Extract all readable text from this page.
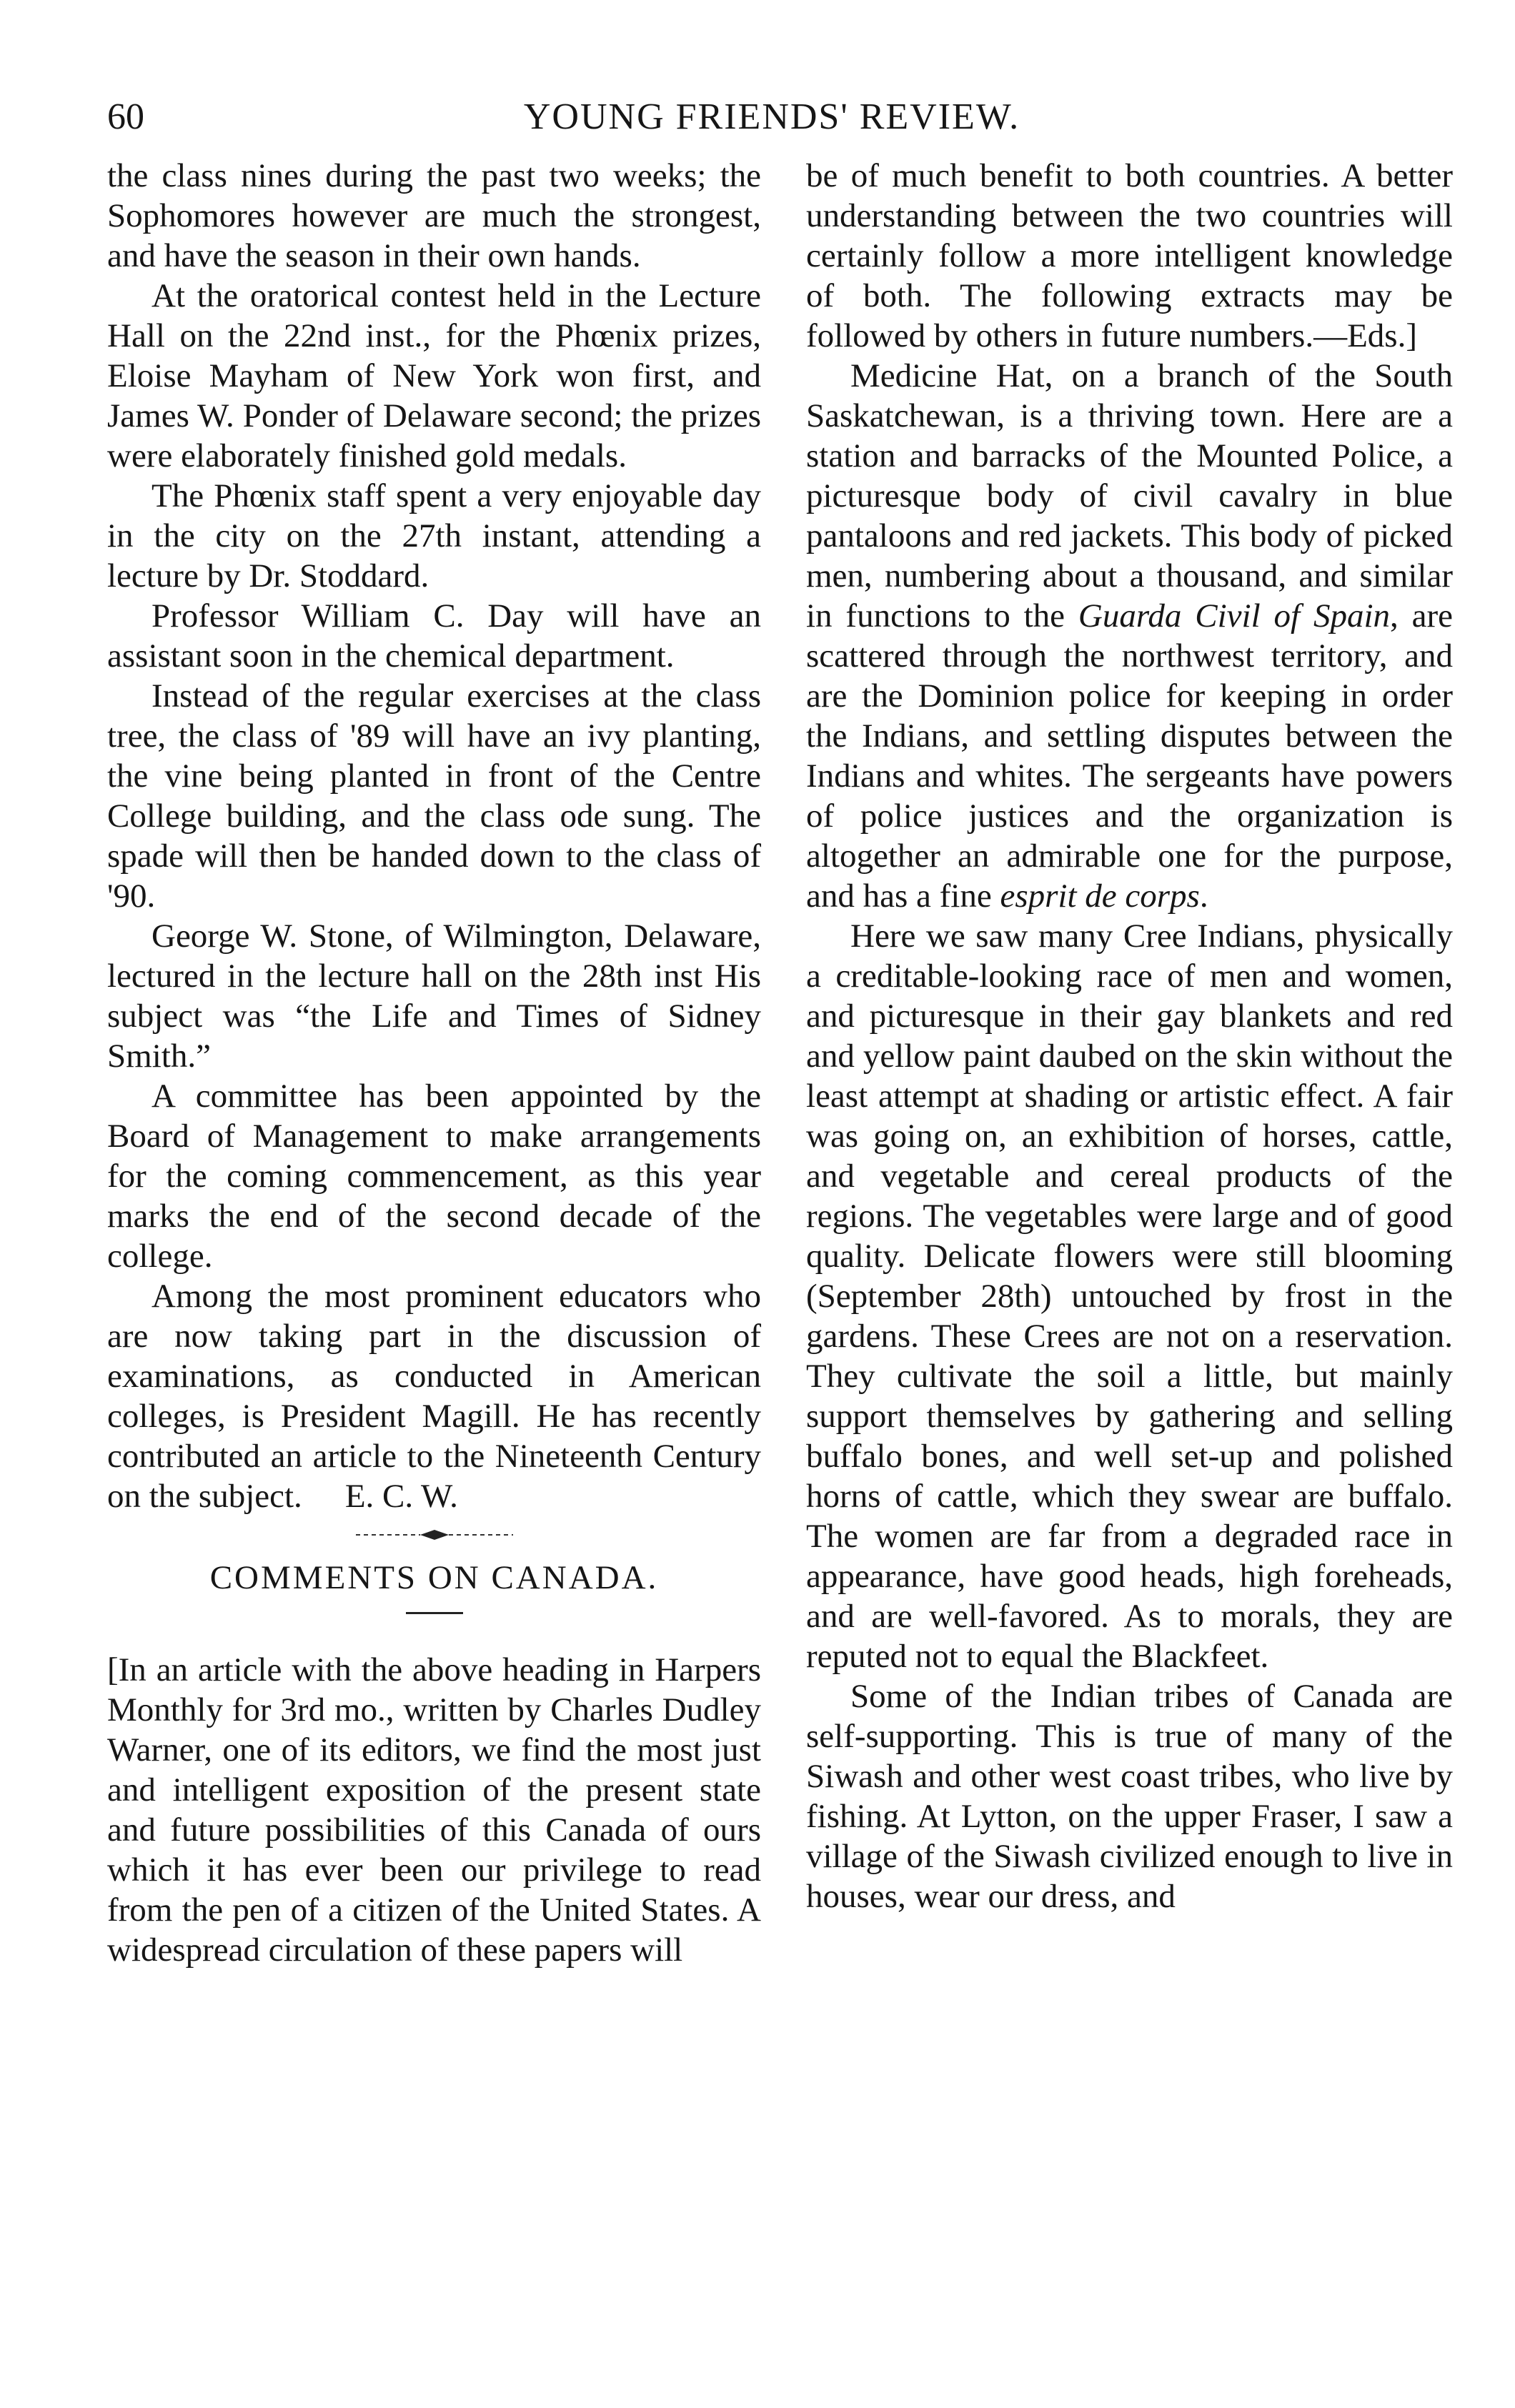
60	YOUNG FRIENDS' REVIEW.

the class nines during the past two weeks; the Sophomores however are much the strongest, and have the season in their own hands.

At the oratorical contest held in the Lecture Hall on the 22nd inst., for the Phœnix prizes, Eloise Mayham of New York won first, and James W. Ponder of Delaware second; the prizes were elaborately finished gold medals.

The Phœnix staff spent a very enjoyable day in the city on the 27th instant, attending a lecture by Dr. Stoddard.

Professor William C. Day will have an assistant soon in the chemical department.

Instead of the regular exercises at the class tree, the class of '89 will have an ivy planting, the vine being planted in front of the Centre College building, and the class ode sung. The spade will then be handed down to the class of '90.

George W. Stone, of Wilmington, Delaware, lectured in the lecture hall on the 28th inst His subject was “the Life and Times of Sidney Smith.”

A committee has been appointed by the Board of Management to make arrangements for the coming commencement, as this year marks the end of the second decade of the college.

Among the most prominent educators who are now taking part in the discussion of examinations, as conducted in American colleges, is President Magill. He has recently contributed an article to the Nineteenth Century on the subject. E. C. W.

COMMENTS ON CANADA.

[In an article with the above heading in Harpers Monthly for 3rd mo., written by Charles Dudley Warner, one of its editors, we find the most just and intelligent exposition of the present state and future possibilities of this Canada of ours which it has ever been our privilege to read from the pen of a citizen of the United States. A widespread circulation of these papers will

be of much benefit to both countries. A better understanding between the two countries will certainly follow a more intelligent knowledge of both. The following extracts may be followed by others in future numbers.—Eds.]

Medicine Hat, on a branch of the South Saskatchewan, is a thriving town. Here are a station and barracks of the Mounted Police, a picturesque body of civil cavalry in blue pantaloons and red jackets. This body of picked men, numbering about a thousand, and similar in functions to the Guarda Civil of Spain, are scattered through the northwest territory, and are the Dominion police for keeping in order the Indians, and settling disputes between the Indians and whites. The sergeants have powers of police justices and the organization is altogether an admirable one for the purpose, and has a fine esprit de corps.

Here we saw many Cree Indians, physically a creditable-looking race of men and women, and picturesque in their gay blankets and red and yellow paint daubed on the skin without the least attempt at shading or artistic effect. A fair was going on, an exhibition of horses, cattle, and vegetable and cereal products of the regions. The vegetables were large and of good quality. Delicate flowers were still blooming (September 28th) untouched by frost in the gardens. These Crees are not on a reservation. They cultivate the soil a little, but mainly support themselves by gathering and selling buffalo bones, and well set-up and polished horns of cattle, which they swear are buffalo. The women are far from a degraded race in appearance, have good heads, high foreheads, and are well-favored. As to morals, they are reputed not to equal the Blackfeet.

Some of the Indian tribes of Canada are self-supporting. This is true of many of the Siwash and other west coast tribes, who live by fishing. At Lytton, on the upper Fraser, I saw a village of the Siwash civilized enough to live in houses, wear our dress, and
